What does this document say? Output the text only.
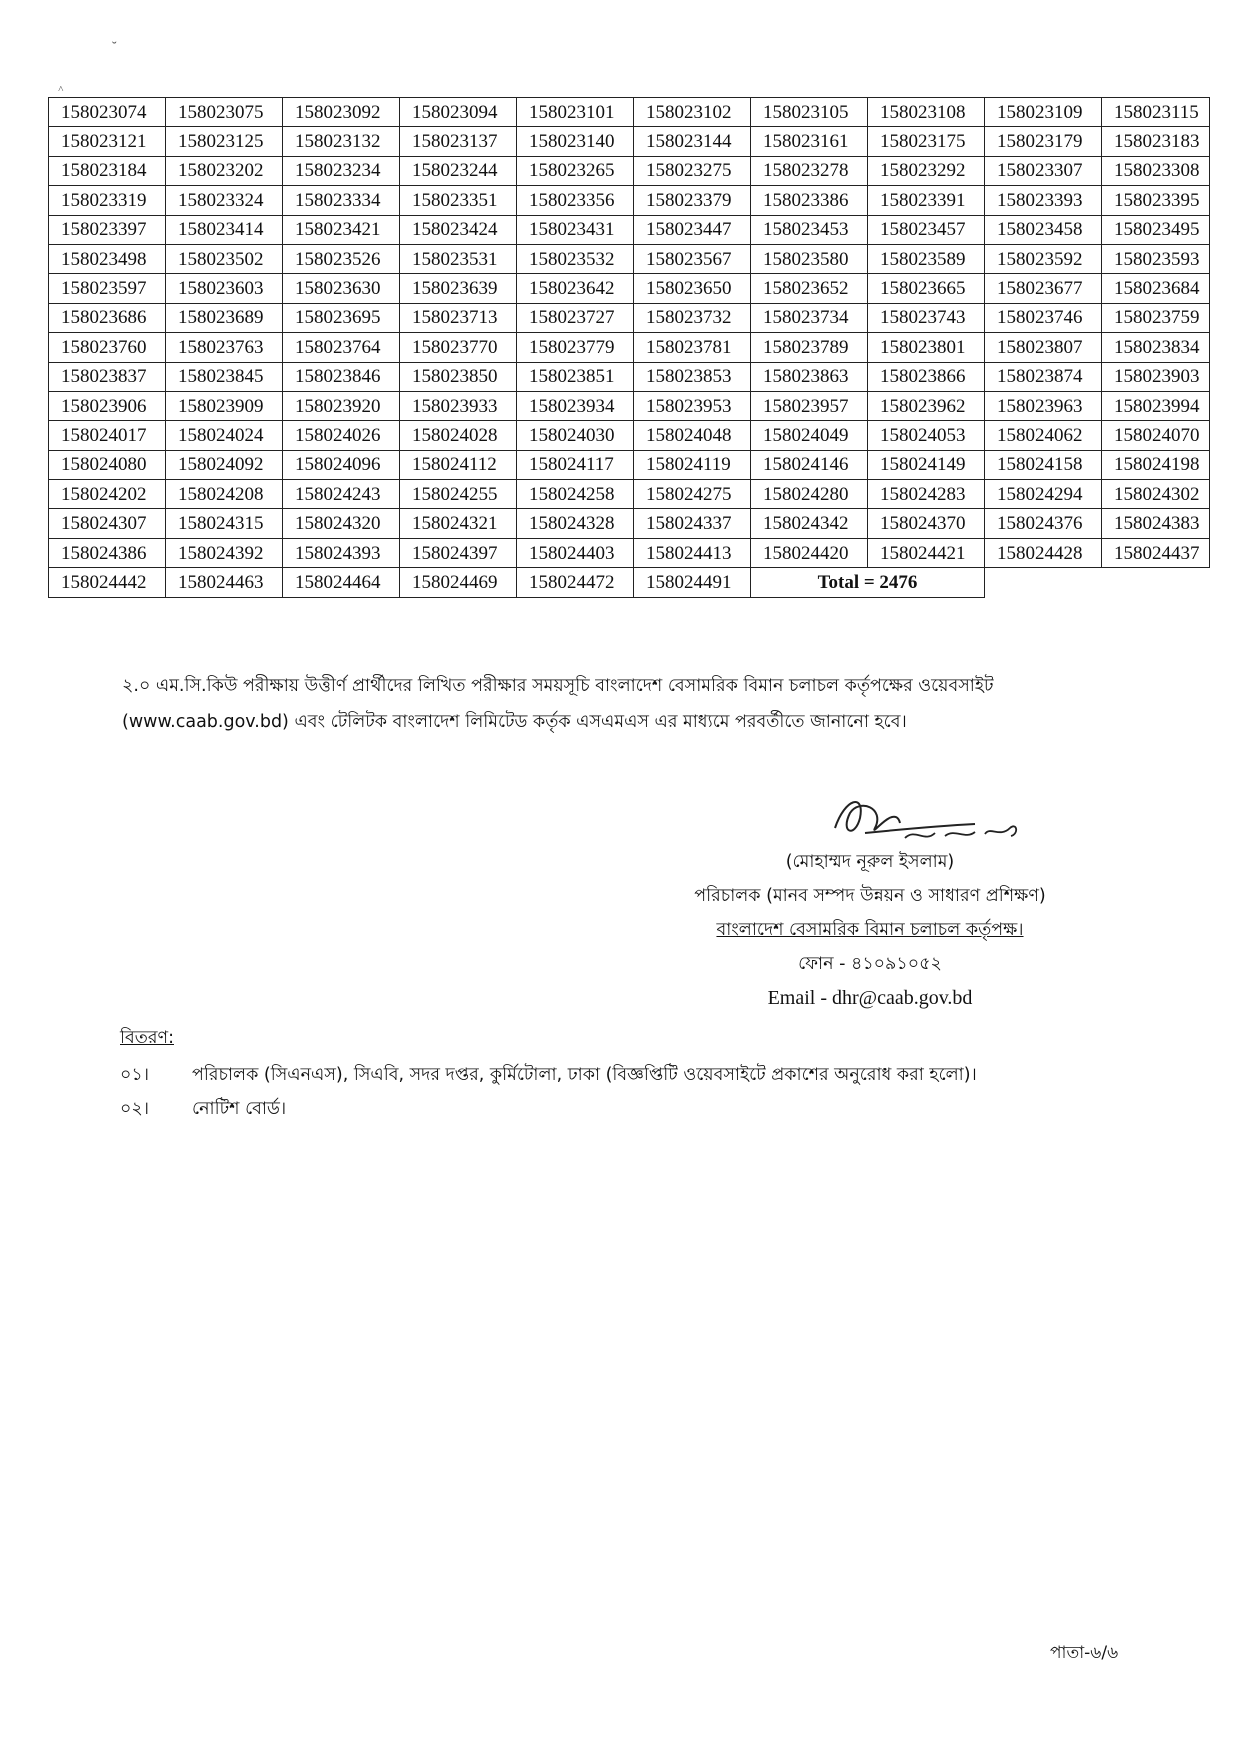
˘
˄
158023074	158023075	158023092	158023094	158023101	158023102	158023105	158023108	158023109	158023115
158023121	158023125	158023132	158023137	158023140	158023144	158023161	158023175	158023179	158023183
158023184	158023202	158023234	158023244	158023265	158023275	158023278	158023292	158023307	158023308
158023319	158023324	158023334	158023351	158023356	158023379	158023386	158023391	158023393	158023395
158023397	158023414	158023421	158023424	158023431	158023447	158023453	158023457	158023458	158023495
158023498	158023502	158023526	158023531	158023532	158023567	158023580	158023589	158023592	158023593
158023597	158023603	158023630	158023639	158023642	158023650	158023652	158023665	158023677	158023684
158023686	158023689	158023695	158023713	158023727	158023732	158023734	158023743	158023746	158023759
158023760	158023763	158023764	158023770	158023779	158023781	158023789	158023801	158023807	158023834
158023837	158023845	158023846	158023850	158023851	158023853	158023863	158023866	158023874	158023903
158023906	158023909	158023920	158023933	158023934	158023953	158023957	158023962	158023963	158023994
158024017	158024024	158024026	158024028	158024030	158024048	158024049	158024053	158024062	158024070
158024080	158024092	158024096	158024112	158024117	158024119	158024146	158024149	158024158	158024198
158024202	158024208	158024243	158024255	158024258	158024275	158024280	158024283	158024294	158024302
158024307	158024315	158024320	158024321	158024328	158024337	158024342	158024370	158024376	158024383
158024386	158024392	158024393	158024397	158024403	158024413	158024420	158024421	158024428	158024437
158024442	158024463	158024464	158024469	158024472	158024491	Total = 2476			
২.০ এম.সি.কিউ পরীক্ষায় উত্তীর্ণ প্রার্থীদের লিখিত পরীক্ষার সময়সূচি বাংলাদেশ বেসামরিক বিমান চলাচল কর্তৃপক্ষের ওয়েবসাইট
(www.caab.gov.bd) এবং টেলিটক বাংলাদেশ লিমিটেড কর্তৃক এসএমএস এর মাধ্যমে পরবর্তীতে জানানো হবে।
(মোহাম্মদ নূরুল ইসলাম)
পরিচালক (মানব সম্পদ উন্নয়ন ও সাধারণ প্রশিক্ষণ)
বাংলাদেশ বেসামরিক বিমান চলাচল কর্তৃপক্ষ।
ফোন - ৪১০৯১০৫২
Email - dhr@caab.gov.bd
বিতরণ:
০১।	পরিচালক (সিএনএস), সিএবি, সদর দপ্তর, কুর্মিটোলা, ঢাকা (বিজ্ঞপ্তিটি ওয়েবসাইটে প্রকাশের অনুরোধ করা হলো)।
০২।	নোটিশ বোর্ড।
পাতা-৬/৬
